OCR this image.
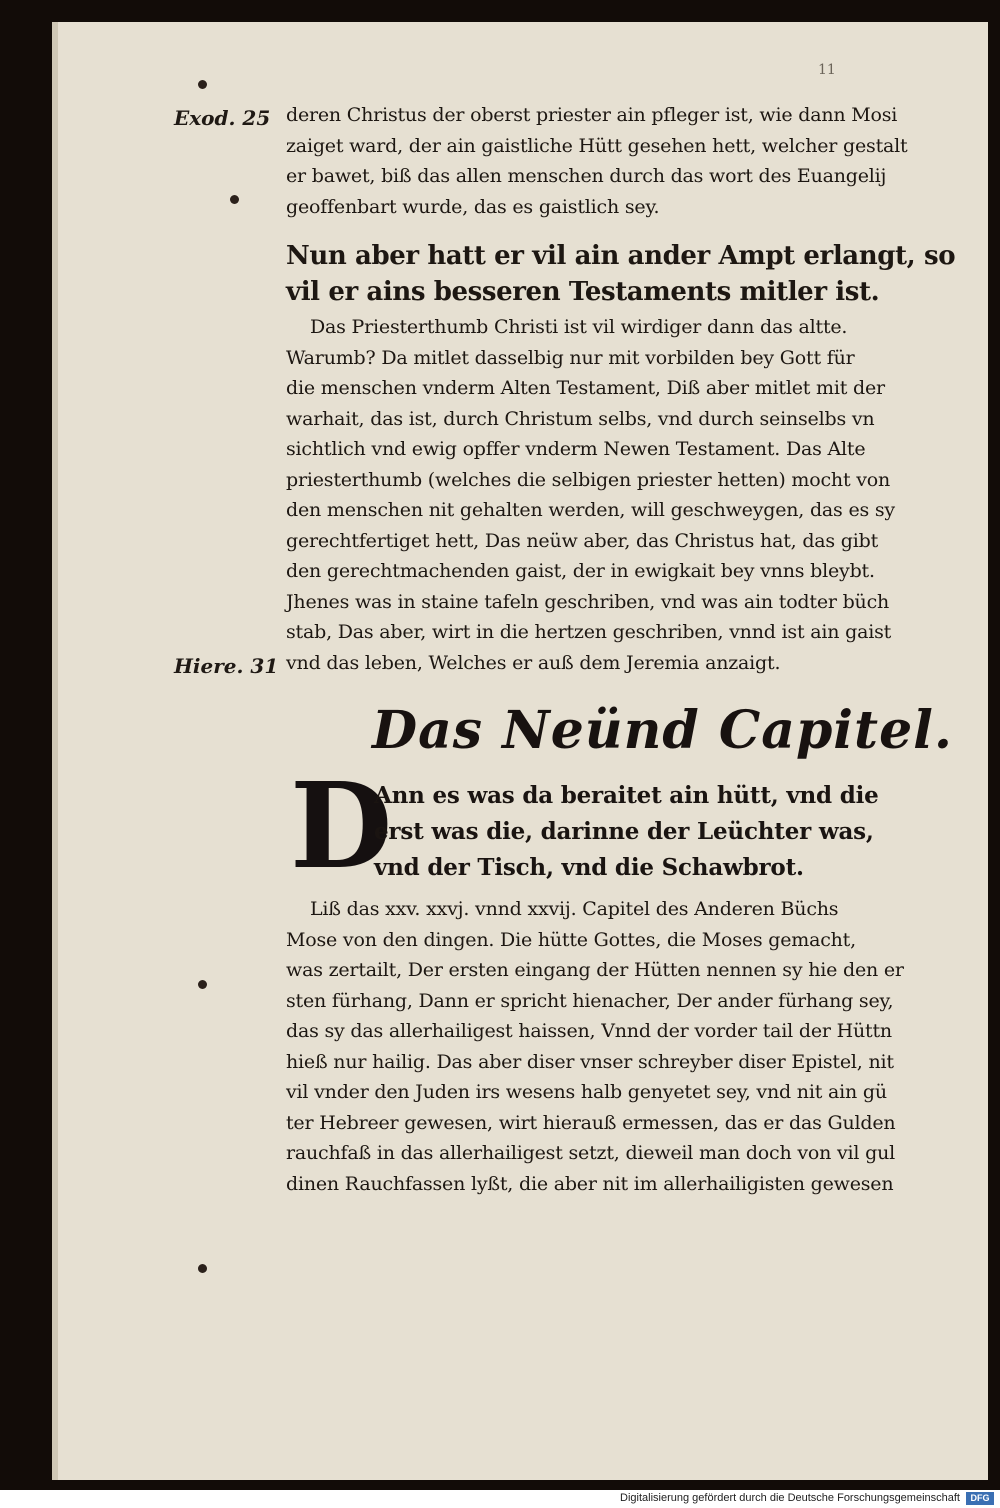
11
Exod. 25
Hiere. 31
deren Christus der oberst priester ain pfleger ist, wie dann Mosi
zaiget ward, der ain gaistliche Hütt gesehen hett, welcher gestalt
er bawet, biß das allen menschen durch das wort des Euangelij
geoffenbart wurde, das es gaistlich sey.
Nun aber hatt er vil ain ander Ampt erlangt, so
vil er ains besseren Testaments mitler ist.
Das Priesterthumb Christi ist vil wirdiger dann das altte.
Warumb? Da mitlet dasselbig nur mit vorbilden bey Gott für
die menschen vnderm Alten Testament, Diß aber mitlet mit der
warhait, das ist, durch Christum selbs, vnd durch seinselbs vn
sichtlich vnd ewig opffer vnderm Newen Testament. Das Alte
priesterthumb (welches die selbigen priester hetten) mocht von
den menschen nit gehalten werden, will geschweygen, das es sy
gerechtfertiget hett, Das neüw aber, das Christus hat, das gibt
den gerechtmachenden gaist, der in ewigkait bey vnns bleybt.
Jhenes was in staine tafeln geschriben, vnd was ain todter büch
stab, Das aber, wirt in die hertzen geschriben, vnnd ist ain gaist
vnd das leben, Welches er auß dem Jeremia anzaigt.
Das Neünd Capitel.
D
Ann es was da beraitet ain hütt, vnd die
erst was die, darinne der Leüchter was,
vnd der Tisch, vnd die Schawbrot.
Liß das xxv. xxvj. vnnd xxvij. Capitel des Anderen Büchs
Mose von den dingen. Die hütte Gottes, die Moses gemacht,
was zertailt, Der ersten eingang der Hütten nennen sy hie den er
sten fürhang, Dann er spricht hienacher, Der ander fürhang sey,
das sy das allerhailigest haissen, Vnnd der vorder tail der Hüttn
hieß nur hailig. Das aber diser vnser schreyber diser Epistel, nit
vil vnder den Juden irs wesens halb genyetet sey, vnd nit ain gü
ter Hebreer gewesen, wirt hierauß ermessen, das er das Gulden
rauchfaß in das allerhailigest setzt, dieweil man doch von vil gul
dinen Rauchfassen lyßt, die aber nit im allerhailigisten gewesen
Digitalisierung gefördert durch die Deutsche Forschungsgemeinschaft	DFG
